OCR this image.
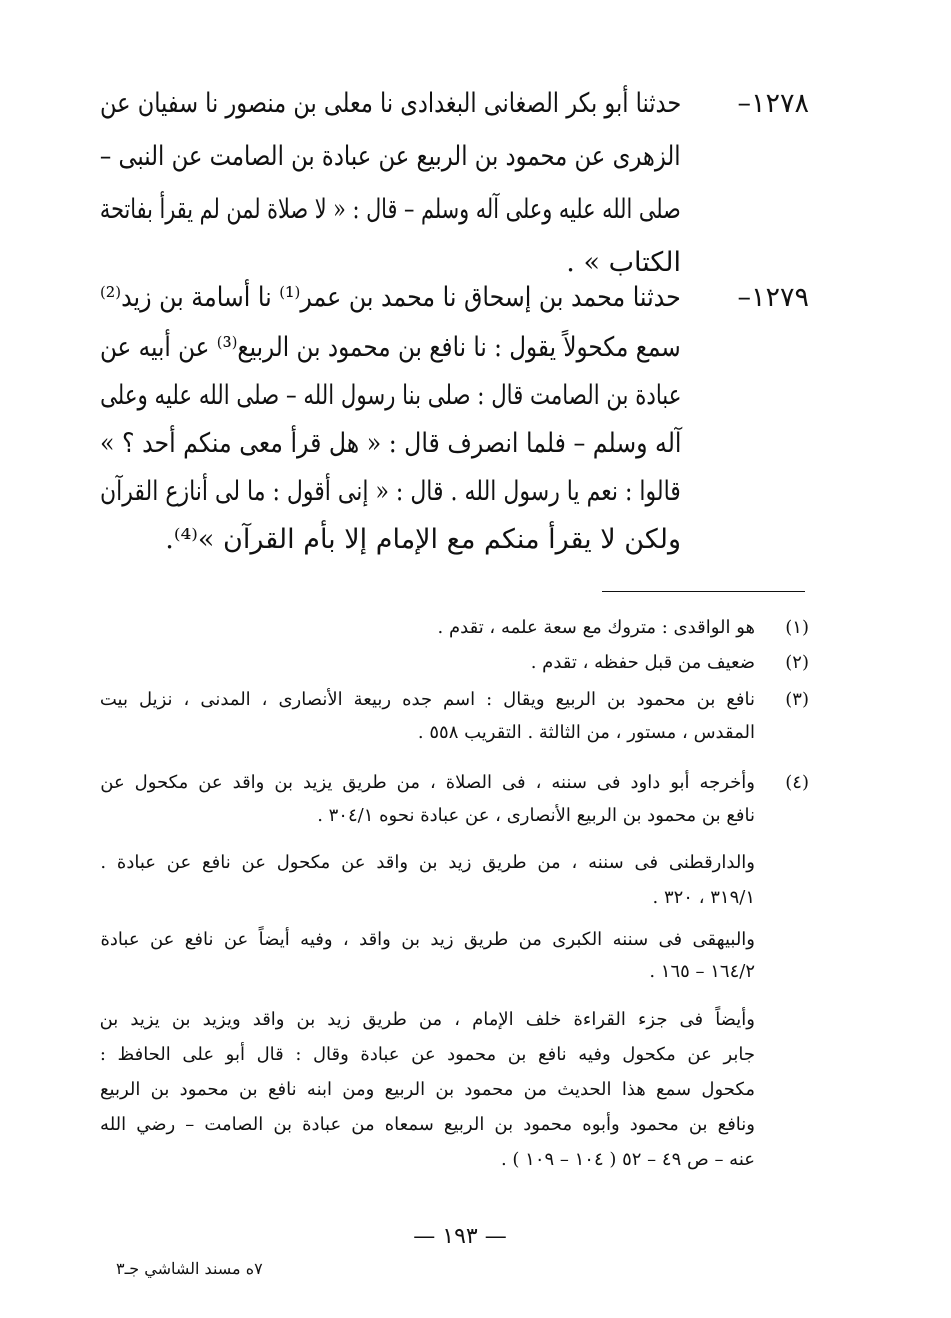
١٢٧٨–
حدثنا أبو بكر الصغانى البغدادى نا معلى بن منصور نا سفيان عن
الزهرى عن محمود بن الربيع عن عبادة بن الصامت عن النبى –
صلى الله عليه وعلى آله وسلم – قال : « لا صلاة لمن لم يقرأ بفاتحة
الكتاب » .
١٢٧٩–
حدثنا محمد بن إسحاق نا محمد بن عمر⁽¹⁾ نا أسامة بن زيد⁽²⁾
سمع مكحولاً يقول : نا نافع بن محمود بن الربيع⁽³⁾ عن أبيه عن
عبادة بن الصامت قال : صلى بنا رسول الله – صلى الله عليه وعلى
آله وسلم – فلما انصرف قال : « هل قرأ معى منكم أحد ؟ »
قالوا : نعم يا رسول الله . قال : « إنى أقول : ما لى أنازع القرآن
ولكن لا يقرأ منكم مع الإمام إلا بأم القرآن »⁽⁴⁾.
(١)
هو الواقدى : متروك مع سعة علمه ، تقدم .
(٢)
ضعيف من قبل حفظه ، تقدم .
(٣)
نافع بن محمود بن الربيع ويقال : اسم جده ربيعة الأنصارى ، المدنى ، نزيل بيت
المقدس ، مستور ، من الثالثة . التقريب ٥٥٨ .
(٤)
وأخرجه أبو داود فى سننه ، فى الصلاة ، من طريق يزيد بن واقد عن مكحول عن
نافع بن محمود بن الربيع الأنصارى ، عن عبادة نحوه ٣٠٤/١ .
والدارقطنى فى سننه ، من طريق زيد بن واقد عن مكحول عن نافع عن عبادة .
٣١٩/١ ، ٣٢٠ .
والبيهقى فى سننه الكبرى من طريق زيد بن واقد ، وفيه أيضاً عن نافع عن عبادة
١٦٤/٢ – ١٦٥ .
وأيضاً فى جزء القراءة خلف الإمام ، من طريق زيد بن واقد ويزيد بن يزيد بن
جابر عن مكحول وفيه نافع بن محمود عن عبادة وقال : قال أبو على الحافظ :
مكحول سمع هذا الحديث من محمود بن الربيع ومن ابنه نافع بن محمود بن الربيع
ونافع بن محمود وأبوه محمود بن الربيع سمعاه من عبادة بن الصامت – رضي الله
عنه – ص ٤٩ – ٥٢ ( ١٠٤ – ١٠٩ ) .
— ١٩٣ —
٧ه مسند الشاشي جـ٣
